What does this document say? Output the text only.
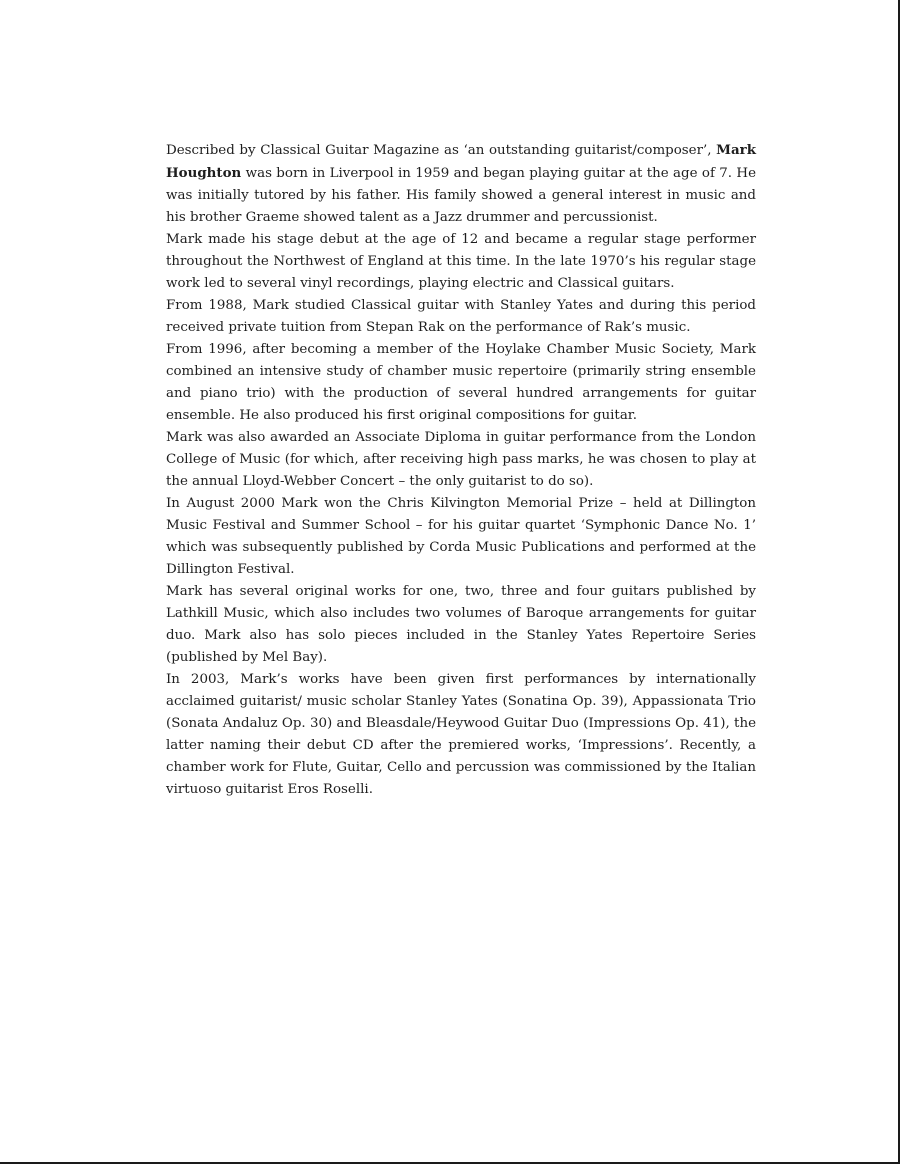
Described by Classical Guitar Magazine as ‘an outstanding guitarist/composer’, Mark Houghton was born in Liverpool in 1959 and began playing guitar at the age of 7. He was initially tutored by his father. His family showed a general interest in music and his brother Graeme showed talent as a Jazz drummer and percussionist.

Mark made his stage debut at the age of 12 and became a regular stage performer throughout the Northwest of England at this time. In the late 1970’s his regular stage work led to several vinyl recordings, playing electric and Classical guitars.

From 1988, Mark studied Classical guitar with Stanley Yates and during this period received private tuition from Stepan Rak on the performance of Rak’s music.

From 1996, after becoming a member of the Hoylake Chamber Music Society, Mark combined an intensive study of chamber music repertoire (primarily string ensemble and piano trio) with the production of several hundred arrangements for guitar ensemble. He also produced his first original compositions for guitar.

Mark was also awarded an Associate Diploma in guitar performance from the London College of Music (for which, after receiving high pass marks, he was chosen to play at the annual Lloyd-Webber Concert – the only guitarist to do so).

In August 2000 Mark won the Chris Kilvington Memorial Prize – held at Dillington Music Festival and Summer School – for his guitar quartet ‘Symphonic Dance No. 1’ which was subsequently published by Corda Music Publications and performed at the Dillington Festival.

Mark has several original works for one, two, three and four guitars published by Lathkill Music, which also includes two volumes of Baroque arrangements for guitar duo. Mark also has solo pieces included in the Stanley Yates Repertoire Series (published by Mel Bay).

In 2003, Mark’s works have been given first performances by internationally acclaimed guitarist/ music scholar Stanley Yates (Sonatina Op. 39), Appassionata Trio (Sonata Andaluz Op. 30) and Bleasdale/Heywood Guitar Duo (Impressions Op. 41), the latter naming their debut CD after the premiered works, ‘Impressions’. Recently, a chamber work for Flute, Guitar, Cello and percussion was commissioned by the Italian virtuoso guitarist Eros Roselli.
